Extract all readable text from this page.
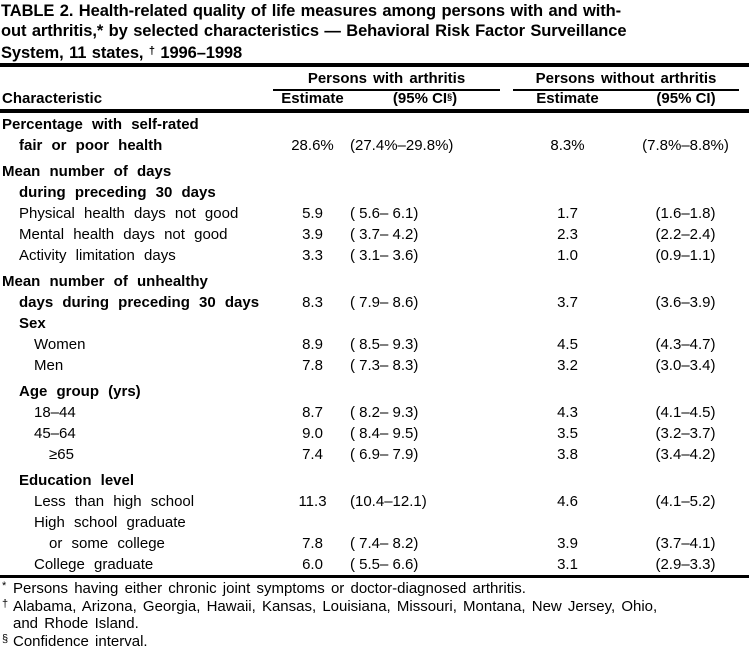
TABLE 2. Health-related quality of life measures among persons with and with-
out arthritis,* by selected characteristics — Behavioral Risk Factor Surveillance
System, 11 states, † 1996–1998
Characteristic
Persons with arthritis	Persons without arthritis
Estimate	(95% CI§)	Estimate	(95% CI)
Percentage with self-rated
fair or poor health	28.6%	(27.4%–29.8%)	8.3%	(7.8%–8.8%)
Mean number of days
during preceding 30 days
Physical health days not good	5.9	( 5.6– 6.1)	1.7	(1.6–1.8)
Mental health days not good	3.9	( 3.7– 4.2)	2.3	(2.2–2.4)
Activity limitation days	3.3	( 3.1– 3.6)	1.0	(0.9–1.1)
Mean number of unhealthy
days during preceding 30 days	8.3	( 7.9– 8.6)	3.7	(3.6–3.9)
Sex
Women	8.9	( 8.5– 9.3)	4.5	(4.3–4.7)
Men	7.8	( 7.3– 8.3)	3.2	(3.0–3.4)
Age group (yrs)
18–44	8.7	( 8.2– 9.3)	4.3	(4.1–4.5)
45–64	9.0	( 8.4– 9.5)	3.5	(3.2–3.7)
≥65	7.4	( 6.9– 7.9)	3.8	(3.4–4.2)
Education level
Less than high school	11.3	(10.4–12.1)	4.6	(4.1–5.2)
High school graduate
or some college	7.8	( 7.4– 8.2)	3.9	(3.7–4.1)
College graduate	6.0	( 5.5– 6.6)	3.1	(2.9–3.3)
* Persons having either chronic joint symptoms or doctor-diagnosed arthritis.
† Alabama, Arizona, Georgia, Hawaii, Kansas, Louisiana, Missouri, Montana, New Jersey, Ohio,
and Rhode Island.
§ Confidence interval.
